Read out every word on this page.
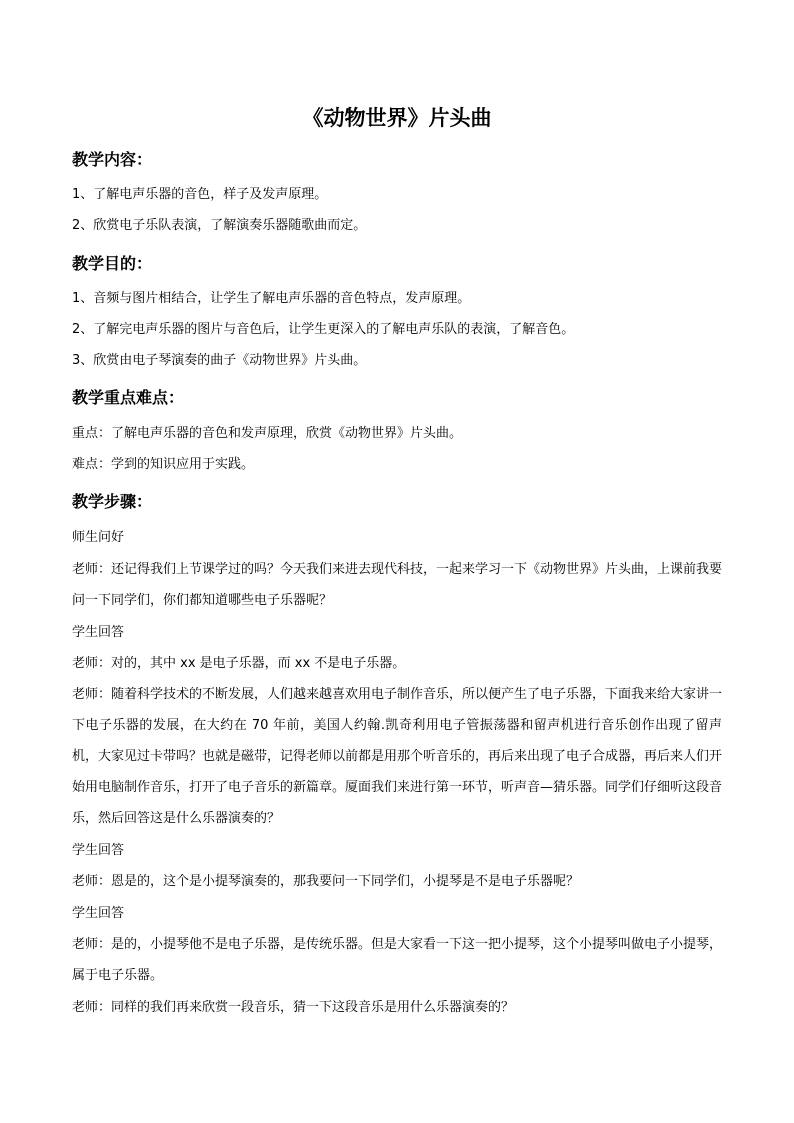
《动物世界》片头曲
教学内容：
1、了解电声乐器的音色，样子及发声原理。
2、欣赏电子乐队表演，了解演奏乐器随歌曲而定。
教学目的：
1、音频与图片相结合，让学生了解电声乐器的音色特点，发声原理。
2、了解完电声乐器的图片与音色后，让学生更深入的了解电声乐队的表演，了解音色。
3、欣赏由电子琴演奏的曲子《动物世界》片头曲。
教学重点难点：
重点：了解电声乐器的音色和发声原理，欣赏《动物世界》片头曲。
难点：学到的知识应用于实践。
教学步骤：
师生问好
老师：还记得我们上节课学过的吗？今天我们来进去现代科技，一起来学习一下《动物世界》片头曲，上课前我要问一下同学们，你们都知道哪些电子乐器呢？
学生回答
老师：对的，其中 xx 是电子乐器，而 xx 不是电子乐器。
老师：随着科学技术的不断发展，人们越来越喜欢用电子制作音乐，所以便产生了电子乐器，下面我来给大家讲一下电子乐器的发展，在大约在 70 年前，美国人约翰.凯奇利用电子管振荡器和留声机进行音乐创作出现了留声机，大家见过卡带吗？也就是磁带，记得老师以前都是用那个听音乐的，再后来出现了电子合成器，再后来人们开始用电脑制作音乐，打开了电子音乐的新篇章。厦面我们来进行第一环节，听声音—猜乐器。同学们仔细听这段音乐，然后回答这是什么乐器演奏的？
学生回答
老师：恩是的，这个是小提琴演奏的，那我要问一下同学们，小提琴是不是电子乐器呢？
学生回答
老师：是的，小提琴他不是电子乐器，是传统乐器。但是大家看一下这一把小提琴，这个小提琴叫做电子小提琴，属于电子乐器。
老师：同样的我们再来欣赏一段音乐，猜一下这段音乐是用什么乐器演奏的？
